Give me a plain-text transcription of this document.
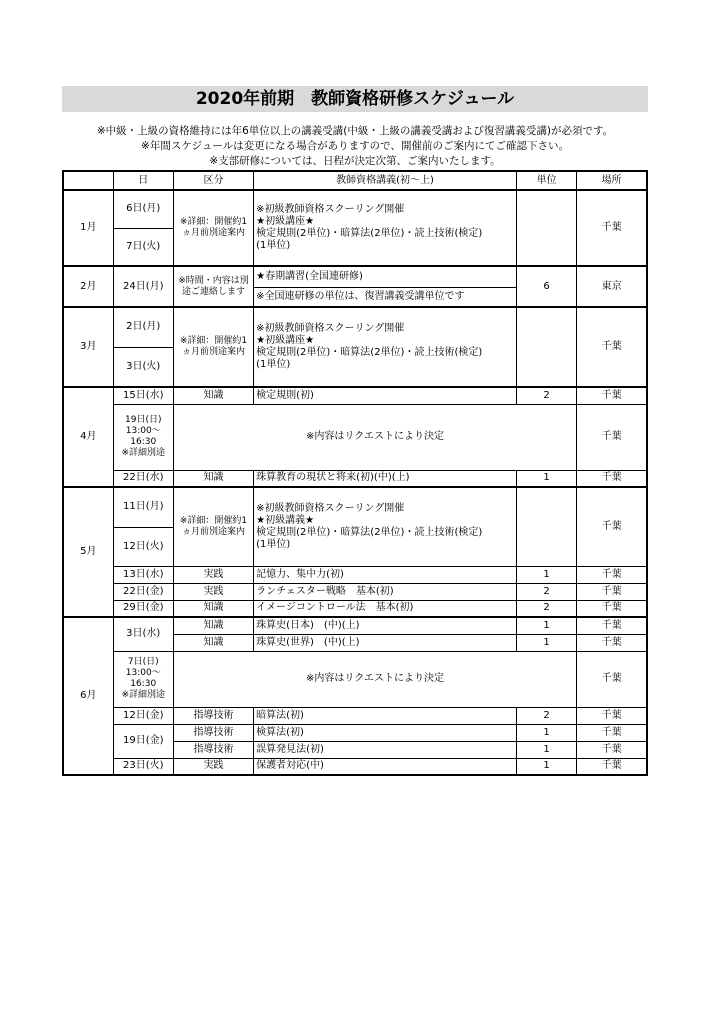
2020年前期　教師資格研修スケジュール
※中級・上級の資格維持には年6単位以上の講義受講(中級・上級の講義受講および復習講義受講)が必須です。
※年間スケジュールは変更になる場合がありますので、開催前のご案内にてご確認下さい。
※支部研修については、日程が決定次第、ご案内いたします。
	日	区分	教師資格講義(初～上)	単位	場所
1月	6日(月)	※詳細：開催約1ヵ月前別途案内	※初級教師資格スクーリング開催
★初級講座★
検定規則(2単位)・暗算法(2単位)・読上技術(検定)
(1単位)		千葉
	7日(火)				
2月	24日(月)	※時間・内容は別途ご連絡します	★春期講習(全国連研修)	6	東京
			※全国連研修の単位は、復習講義受講単位です		
3月	2日(月)	※詳細：開催約1ヵ月前別途案内	※初級教師資格スクーリング開催
★初級講座★
検定規則(2単位)・暗算法(2単位)・読上技術(検定)
(1単位)		千葉
	3日(火)				
4月	15日(水)	知識	検定規則(初)	2	千葉

	19日(日)
13:00～
16:30
※詳細別途	※内容はリクエストにより決定			千葉
	22日(水)	知識	珠算教育の現状と将来(初)(中)(上)	1	千葉
5月	11日(月)	※詳細：開催約1ヵ月前別途案内	※初級教師資格スクーリング開催
★初級講義★
検定規則(2単位)・暗算法(2単位)・読上技術(検定)
(1単位)		千葉
	12日(火)				
	13日(水)	実践	記憶力、集中力(初)	1	千葉
	22日(金)	実践	ランチェスター戦略　基本(初)	2	千葉
	29日(金)	知識	イメージコントロール法　基本(初)	2	千葉
6月	3日(水)	知識	珠算史(日本)　(中)(上)	1	千葉
		知識	珠算史(世界)　(中)(上)	1	千葉

	7日(日)
13:00～
16:30
※詳細別途	※内容はリクエストにより決定			千葉
	12日(金)	指導技術	暗算法(初)	2	千葉
	19日(金)	指導技術	検算法(初)	1	千葉
		指導技術	誤算発見法(初)	1	千葉
	23日(火)	実践	保護者対応(中)	1	千葉
